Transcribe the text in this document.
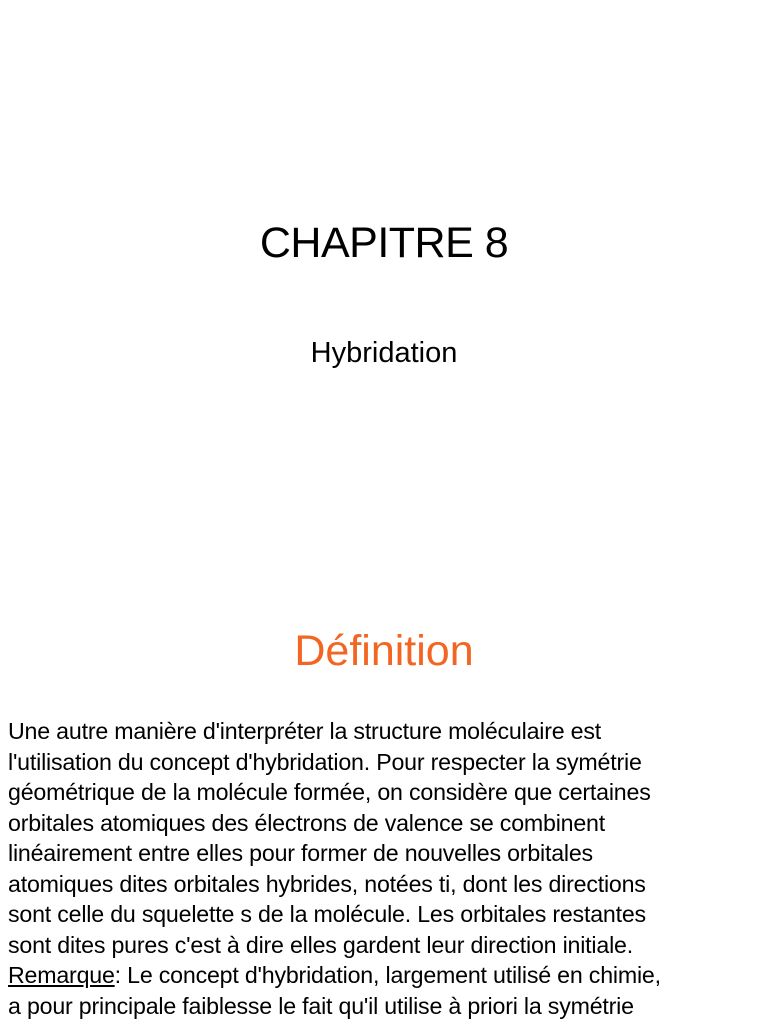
CHAPITRE 8
Hybridation
Définition

Une autre manière d'interpréter la structure moléculaire est
l'utilisation du concept d'hybridation. Pour respecter la symétrie
géométrique de la molécule formée, on considère que certaines
orbitales atomiques des électrons de valence se combinent
linéairement entre elles pour former de nouvelles orbitales
atomiques dites orbitales hybrides, notées ti, dont les directions
sont celle du squelette s de la molécule. Les orbitales restantes
sont dites pures c'est à dire elles gardent leur direction initiale.
Remarque: Le concept d'hybridation, largement utilisé en chimie,
a pour principale faiblesse le fait qu'il utilise à priori la symétrie
